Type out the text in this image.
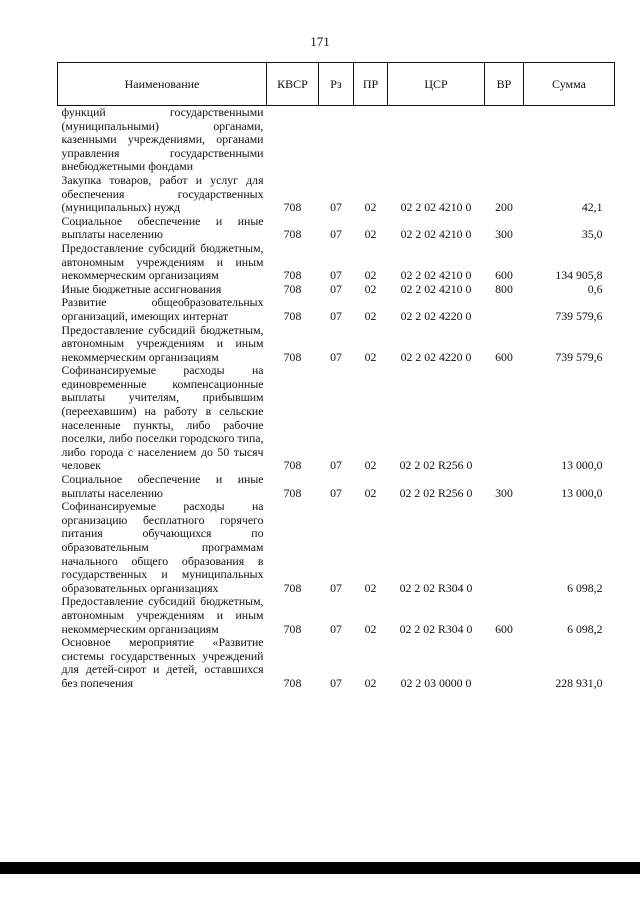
171
Наименование	КВСР	Рз	ПР	ЦСР	ВР	Сумма
функций государственными (муниципальными) органами, казенными учреждениями, органами управления государственными внебюджетными фондами						
Закупка товаров, работ и услуг для обеспечения государственных (муниципальных) нужд	708	07	02	02 2 02 4210 0	200	42,1
Социальное обеспечение и иные выплаты населению	708	07	02	02 2 02 4210 0	300	35,0
Предоставление субсидий бюджетным, автономным учреждениям и иным некоммерческим организациям	708	07	02	02 2 02 4210 0	600	134 905,8
Иные бюджетные ассигнования	708	07	02	02 2 02 4210 0	800	0,6
Развитие общеобразовательных организаций, имеющих интернат	708	07	02	02 2 02 4220 0		739 579,6
Предоставление субсидий бюджетным, автономным учреждениям и иным некоммерческим организациям	708	07	02	02 2 02 4220 0	600	739 579,6
Софинансируемые расходы на единовременные компенсационные выплаты учителям, прибывшим (переехавшим) на работу в сельские населенные пункты, либо рабочие поселки, либо поселки городского типа, либо города с населением до 50 тысяч человек	708	07	02	02 2 02 R256 0		13 000,0
Социальное обеспечение и иные выплаты населению	708	07	02	02 2 02 R256 0	300	13 000,0
Софинансируемые расходы на организацию бесплатного горячего питания обучающихся по образовательным программам начального общего образования в государственных и муниципальных образовательных организациях	708	07	02	02 2 02 R304 0		6 098,2
Предоставление субсидий бюджетным, автономным учреждениям и иным некоммерческим организациям	708	07	02	02 2 02 R304 0	600	6 098,2
Основное мероприятие «Развитие системы государственных учреждений для детей-сирот и детей, оставшихся без попечения	708	07	02	02 2 03 0000 0		228 931,0
